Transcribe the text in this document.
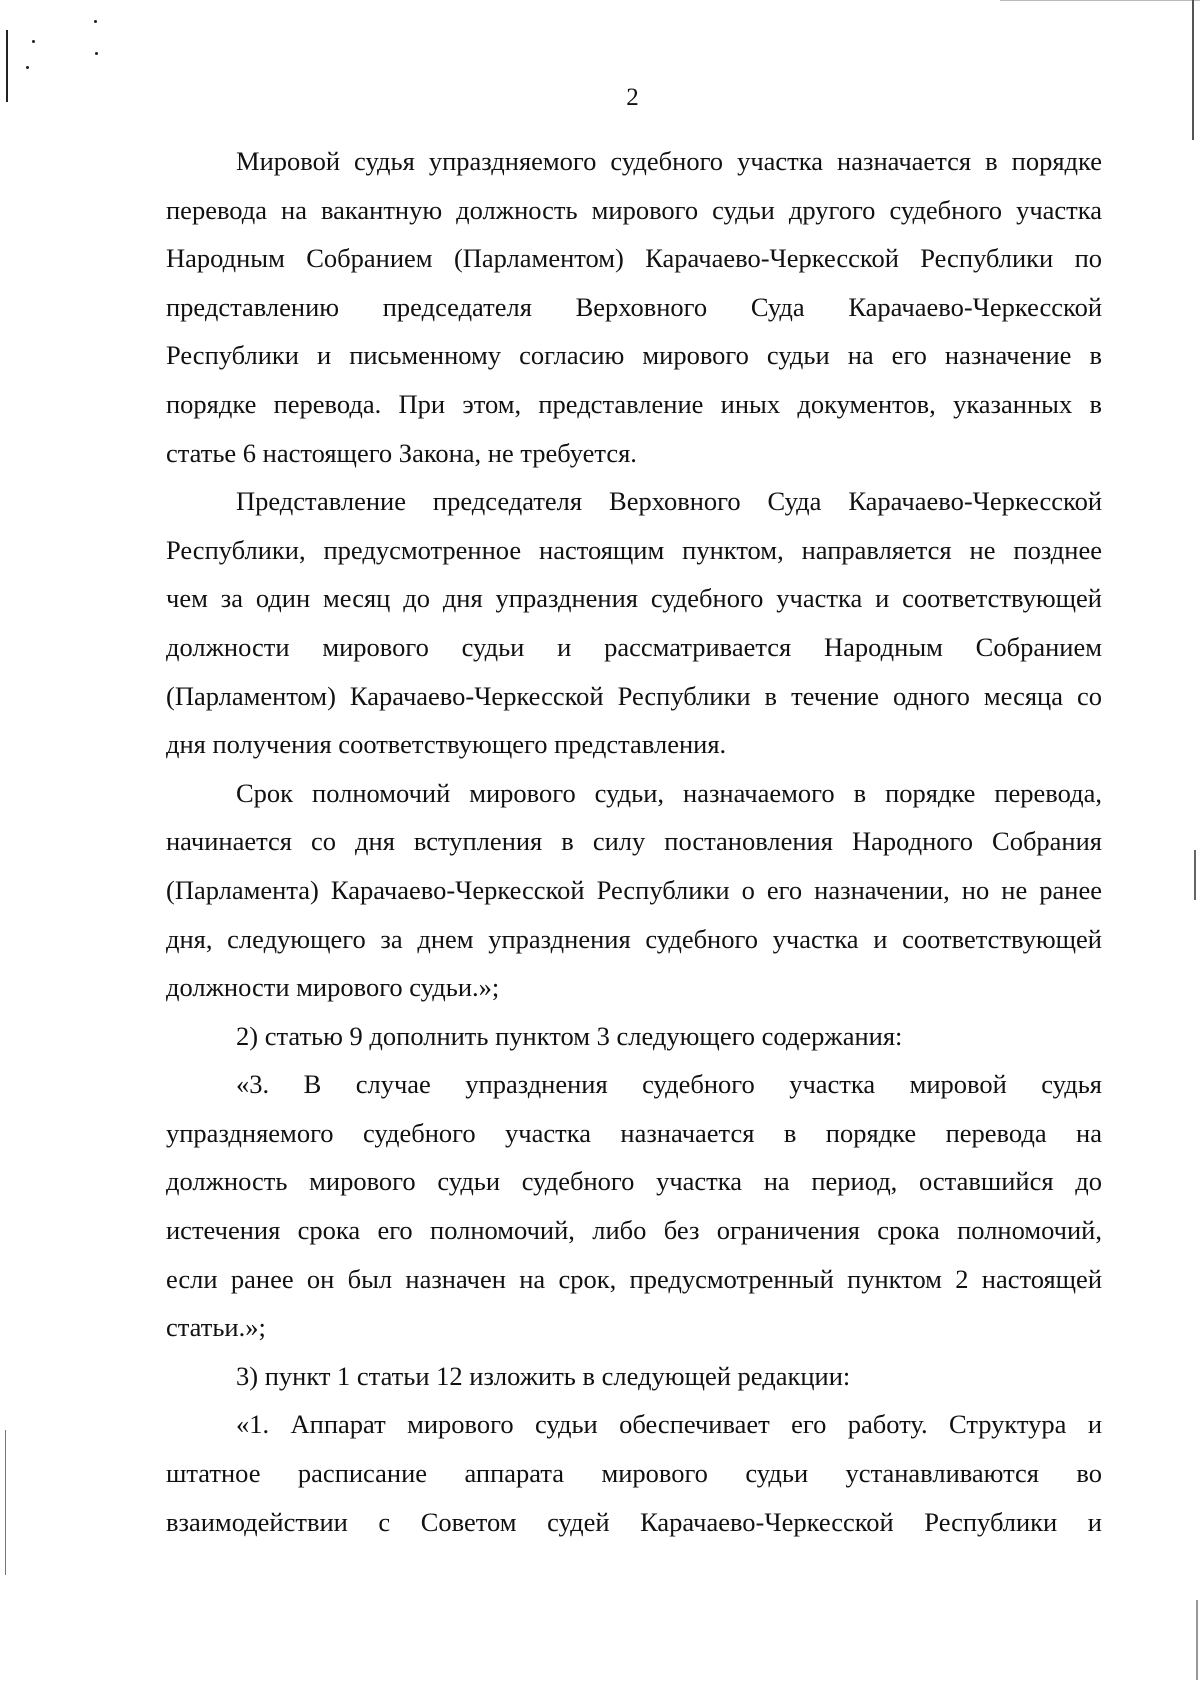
2
Мировой судья упраздняемого судебного участка назначается в порядке
перевода на вакантную должность мирового судьи другого судебного участка
Народным Собранием (Парламентом) Карачаево-Черкесской Республики по
представлению председателя Верховного Суда Карачаево-Черкесской
Республики и письменному согласию мирового судьи на его назначение в
порядке перевода. При этом, представление иных документов, указанных в
статье 6 настоящего Закона, не требуется.
Представление председателя Верховного Суда Карачаево-Черкесской
Республики, предусмотренное настоящим пунктом, направляется не позднее
чем за один месяц до дня упразднения судебного участка и соответствующей
должности мирового судьи и рассматривается Народным Собранием
(Парламентом) Карачаево-Черкесской Республики в течение одного месяца со
дня получения соответствующего представления.
Срок полномочий мирового судьи, назначаемого в порядке перевода,
начинается со дня вступления в силу постановления Народного Собрания
(Парламента) Карачаево-Черкесской Республики о его назначении, но не ранее
дня, следующего за днем упразднения судебного участка и соответствующей
должности мирового судьи.»;
2) статью 9 дополнить пунктом 3 следующего содержания:
«3. В случае упразднения судебного участка мировой судья
упраздняемого судебного участка назначается в порядке перевода на
должность мирового судьи судебного участка на период, оставшийся до
истечения срока его полномочий, либо без ограничения срока полномочий,
если ранее он был назначен на срок, предусмотренный пунктом 2 настоящей
статьи.»;
3) пункт 1 статьи 12 изложить в следующей редакции:
«1. Аппарат мирового судьи обеспечивает его работу. Структура и
штатное расписание аппарата мирового судьи устанавливаются во
взаимодействии с Советом судей Карачаево-Черкесской Республики и
